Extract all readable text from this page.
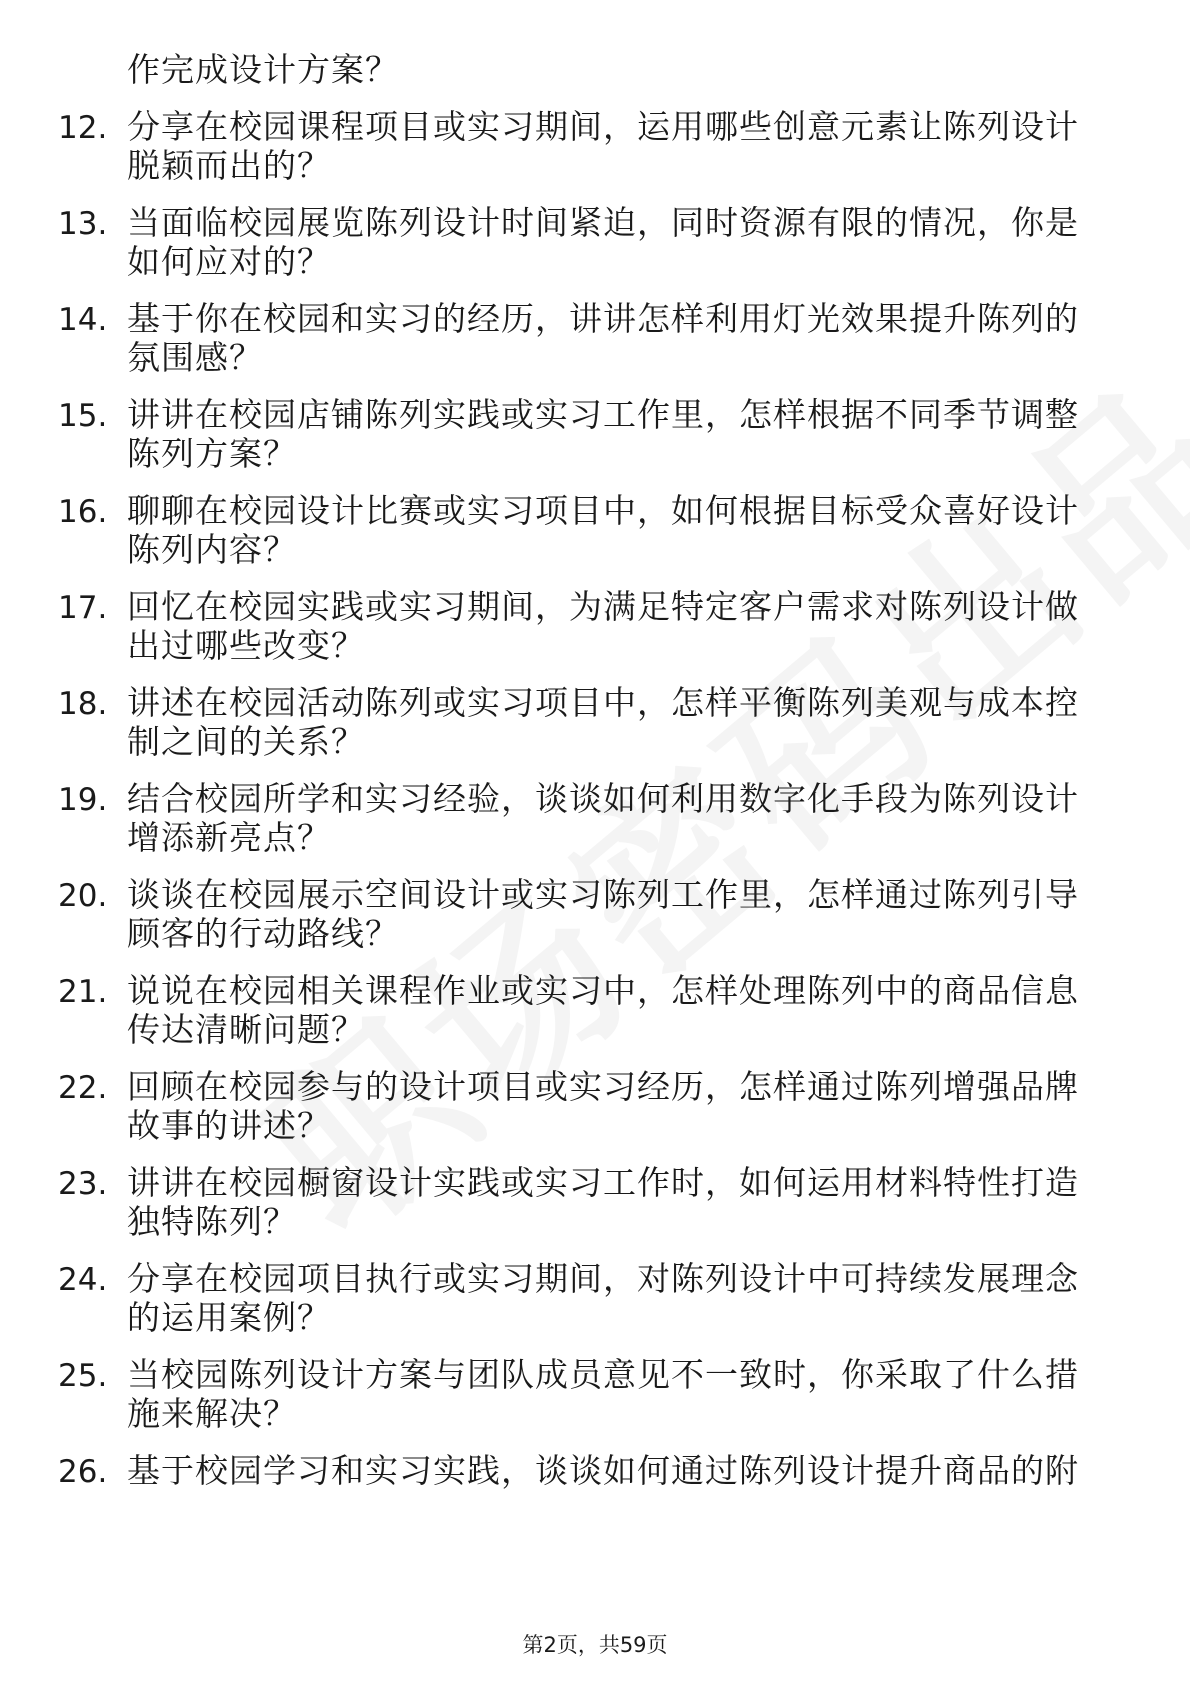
作完成设计方案？
12. 分享在校园课程项目或实习期间，运用哪些创意元素让陈列设计
脱颖而出的？
13. 当面临校园展览陈列设计时间紧迫，同时资源有限的情况，你是
如何应对的？
14. 基于你在校园和实习的经历，讲讲怎样利用灯光效果提升陈列的
氛围感？
15. 讲讲在校园店铺陈列实践或实习工作里，怎样根据不同季节调整
陈列方案？
16. 聊聊在校园设计比赛或实习项目中，如何根据目标受众喜好设计
陈列内容？
17. 回忆在校园实践或实习期间，为满足特定客户需求对陈列设计做
出过哪些改变？
18. 讲述在校园活动陈列或实习项目中，怎样平衡陈列美观与成本控
制之间的关系？
19. 结合校园所学和实习经验，谈谈如何利用数字化手段为陈列设计
增添新亮点？
20. 谈谈在校园展示空间设计或实习陈列工作里，怎样通过陈列引导
顾客的行动路线？
21. 说说在校园相关课程作业或实习中，怎样处理陈列中的商品信息
传达清晰问题？
22. 回顾在校园参与的设计项目或实习经历，怎样通过陈列增强品牌
故事的讲述？
23. 讲讲在校园橱窗设计实践或实习工作时，如何运用材料特性打造
独特陈列？
24. 分享在校园项目执行或实习期间，对陈列设计中可持续发展理念
的运用案例？
25. 当校园陈列设计方案与团队成员意见不一致时，你采取了什么措
施来解决？
26. 基于校园学习和实习实践，谈谈如何通过陈列设计提升商品的附
第2页，共59页
